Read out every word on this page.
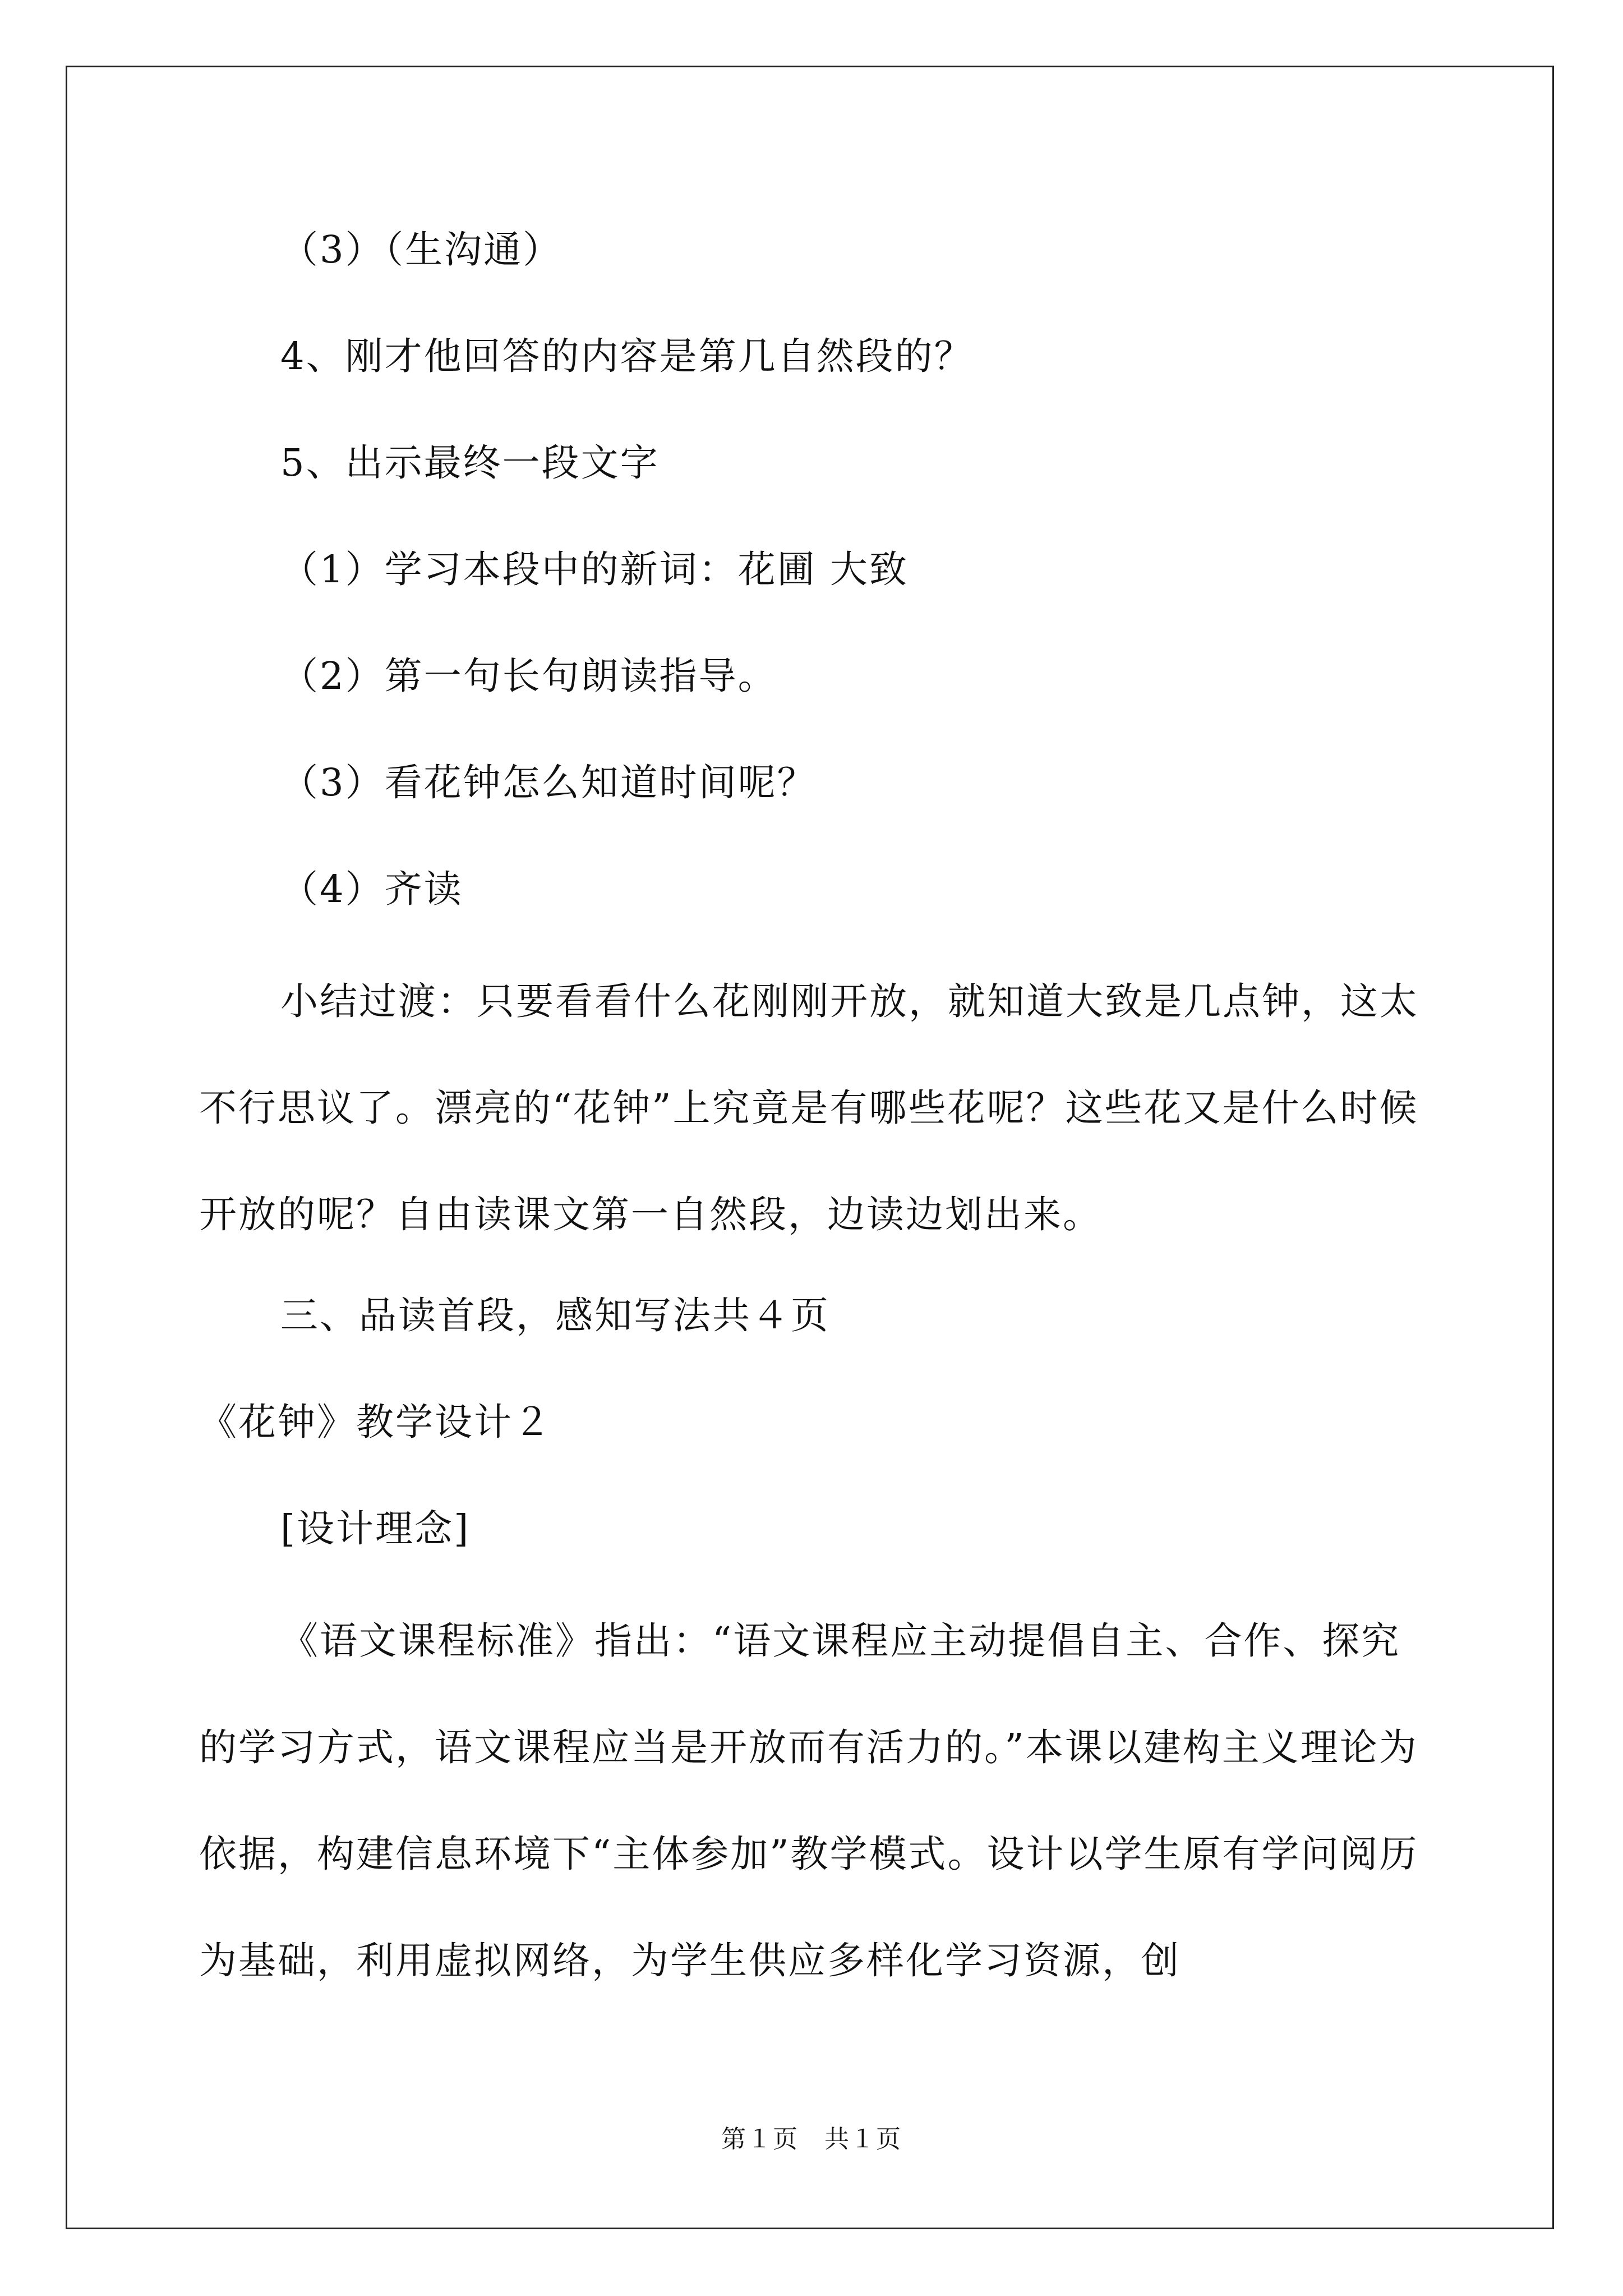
（3）（生沟通）
4、刚才他回答的内容是第几自然段的？
5、出示最终一段文字
（1）学习本段中的新词：花圃 大致
（2）第一句长句朗读指导。
（3）看花钟怎么知道时间呢？
（4）齐读
小结过渡：只要看看什么花刚刚开放，就知道大致是几点钟，这太不行思议了。漂亮的“花钟”上究竟是有哪些花呢？这些花又是什么时候开放的呢？自由读课文第一自然段，边读边划出来。
三、品读首段，感知写法共４页
《花钟》教学设计２
[设计理念]
《语文课程标准》指出：“语文课程应主动提倡自主、合作、探究的学习方式，语文课程应当是开放而有活力的。”本课以建构主义理论为依据，构建信息环境下“主体参加”教学模式。设计以学生原有学问阅历为基础，利用虚拟网络，为学生供应多样化学习资源，创
第１页　共１页
